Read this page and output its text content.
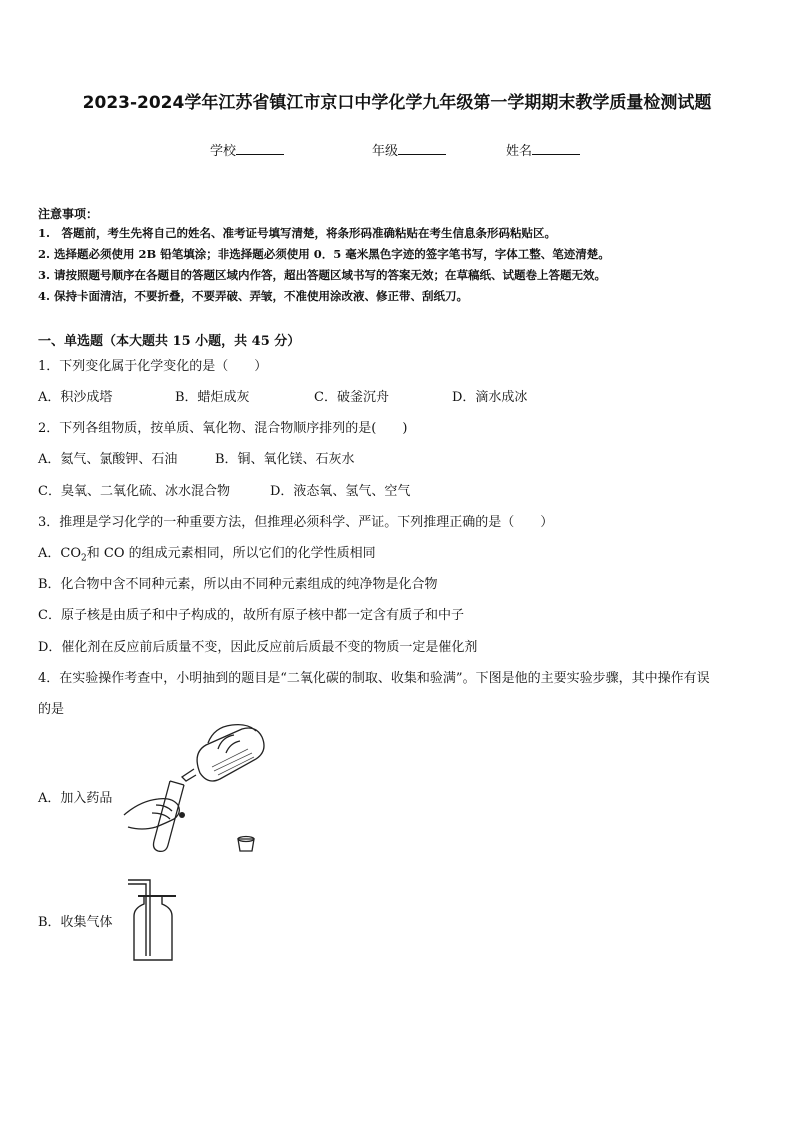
2023-2024学年江苏省镇江市京口中学化学九年级第一学期期末教学质量检测试题
学校	年级	姓名
注意事项：
1.　答题前，考生先将自己的姓名、准考证号填写清楚，将条形码准确粘贴在考生信息条形码粘贴区。
2. 选择题必须使用 2B 铅笔填涂；非选择题必须使用 0．5 毫米黑色字迹的签字笔书写，字体工整、笔迹清楚。
3. 请按照题号顺序在各题目的答题区域内作答，超出答题区域书写的答案无效；在草稿纸、试题卷上答题无效。
4. 保持卡面清洁，不要折叠，不要弄破、弄皱，不准使用涂改液、修正带、刮纸刀。
一、单选题（本大题共 15 小题，共 45 分）
1．下列变化属于化学变化的是（　　）
A．积沙成塔	B．蜡炬成灰	C．破釜沉舟	D．滴水成冰
2．下列各组物质，按单质、氧化物、混合物顺序排列的是(　　)
A．氦气、氯酸钾、石油	B．铜、氧化镁、石灰水
C．臭氧、二氧化硫、冰水混合物	D．液态氧、氢气、空气
3．推理是学习化学的一种重要方法，但推理必须科学、严证。下列推理正确的是（　　）
A．$CO_2$和 CO 的组成元素相同，所以它们的化学性质相同
B．化合物中含不同种元素，所以由不同种元素组成的纯净物是化合物
C．原子核是由质子和中子构成的，故所有原子核中都一定含有质子和中子
D．催化剂在反应前后质量不变，因此反应前后质最不变的物质一定是催化剂
4．在实验操作考查中，小明抽到的题目是“二氧化碳的制取、收集和验满”。下图是他的主要实验步骤，其中操作有误
的是
A．加入药品
B．收集气体
